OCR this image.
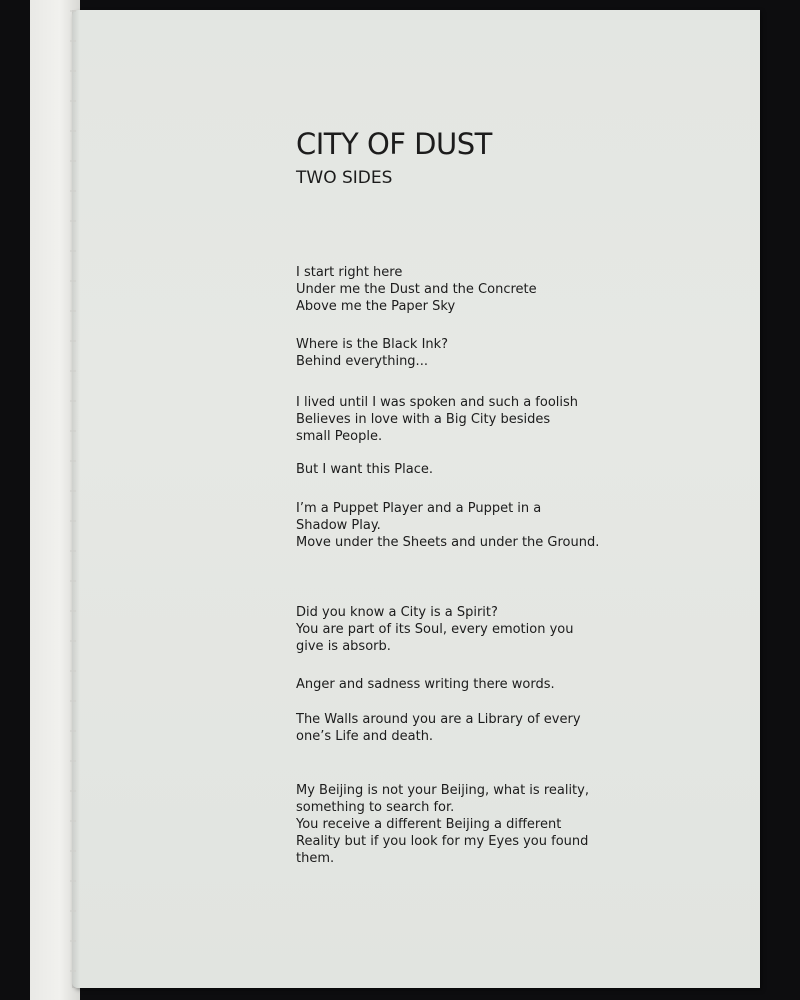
CITY OF DUST
TWO SIDES

I start right here
Under me the Dust and the Concrete
Above me the Paper Sky

Where is the Black Ink?
Behind everything...

I lived until I was spoken and such a foolish
Believes in love with a Big City besides
small People.

But I want this Place.

I’m a Puppet Player and a Puppet in a
Shadow Play.
Move under the Sheets and under the Ground.

Did you know a City is a Spirit?
You are part of its Soul, every emotion you
give is absorb.

Anger and sadness writing there words.

The Walls around you are a Library of every
one’s Life and death.

My Beijing is not your Beijing, what is reality,
something to search for.
You receive a different Beijing a different
Reality but if you look for my Eyes you found
them.
